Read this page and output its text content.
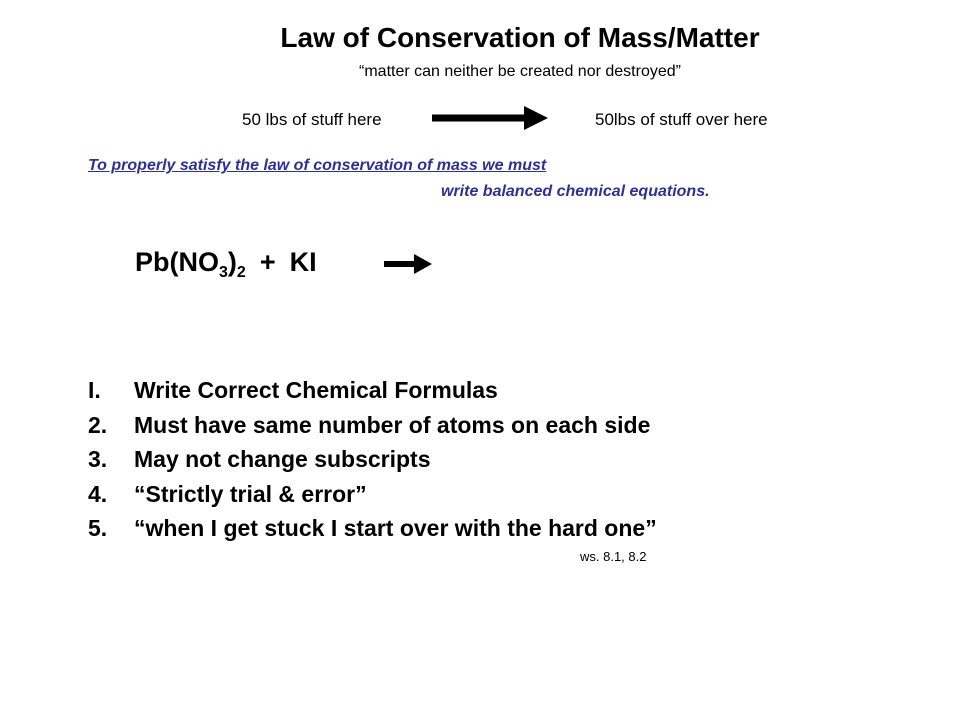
Law of Conservation of Mass/Matter
“matter can neither be created nor destroyed”
50 lbs of stuff here	50lbs of stuff over here
To properly satisfy the law of conservation of mass we must
write balanced chemical equations.
$Pb(NO_3)_2$ + KI
I. Write Correct Chemical Formulas
2. Must have same number of atoms on each side
3. May not change subscripts
4. “Strictly trial & error”
5. “when I get stuck I start over with the hard one”
ws. 8.1, 8.2
